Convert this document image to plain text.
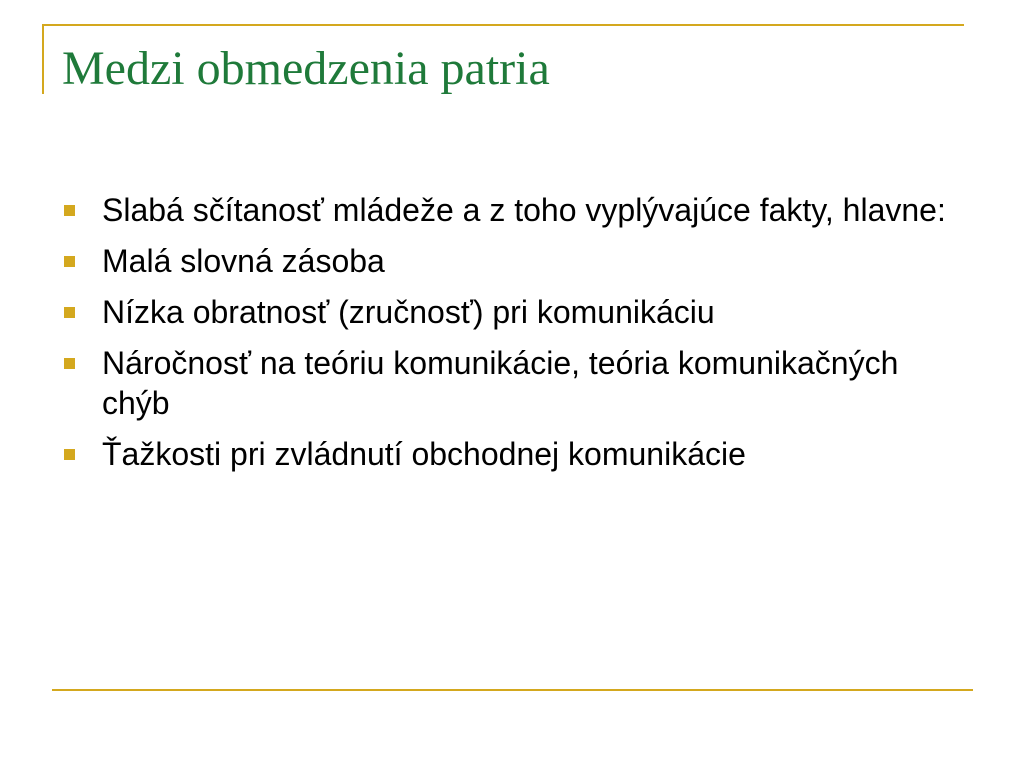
Medzi obmedzenia patria
Slabá sčítanosť mládeže a z toho vyplývajúce fakty, hlavne:
Malá slovná zásoba
Nízka obratnosť (zručnosť) pri komunikáciu
Náročnosť na teóriu komunikácie, teória komunikačných chýb
Ťažkosti pri zvládnutí obchodnej komunikácie
